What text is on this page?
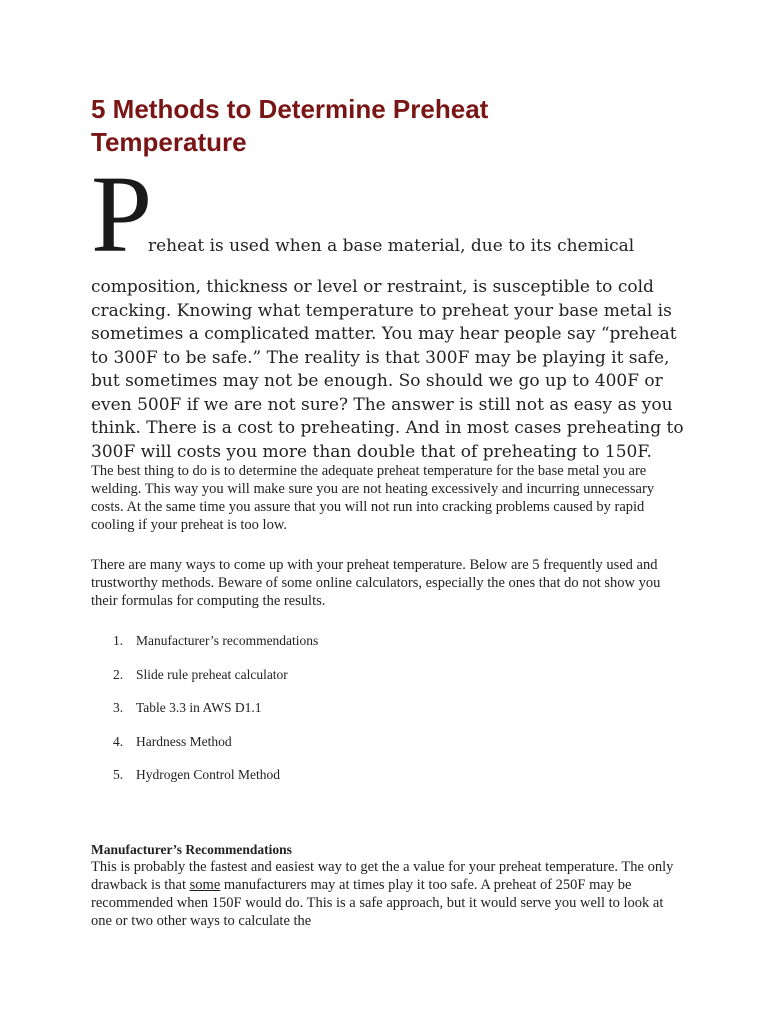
5 Methods to Determine Preheat Temperature
P
reheat is used when a base material, due to its chemical

composition, thickness or level or restraint, is susceptible to cold cracking. Knowing what temperature to preheat your base metal is sometimes a complicated matter. You may hear people say “preheat to 300F to be safe.” The reality is that 300F may be playing it safe, but sometimes may not be enough. So should we go up to 400F or even 500F if we are not sure? The answer is still not as easy as you think. There is a cost to preheating. And in most cases preheating to 300F will costs you more than double that of preheating to 150F.

The best thing to do is to determine the adequate preheat temperature for the base metal you are welding. This way you will make sure you are not heating excessively and incurring unnecessary costs. At the same time you assure that you will not run into cracking problems caused by rapid cooling if your preheat is too low.

There are many ways to come up with your preheat temperature. Below are 5 frequently used and trustworthy methods. Beware of some online calculators, especially the ones that do not show you their formulas for computing the results.

1. Manufacturer’s recommendations
2. Slide rule preheat calculator
3. Table 3.3 in AWS D1.1
4. Hardness Method
5. Hydrogen Control Method
Manufacturer’s Recommendations

This is probably the fastest and easiest way to get the a value for your preheat temperature. The only drawback is that some manufacturers may at times play it too safe. A preheat of 250F may be recommended when 150F would do. This is a safe approach, but it would serve you well to look at one or two other ways to calculate the
